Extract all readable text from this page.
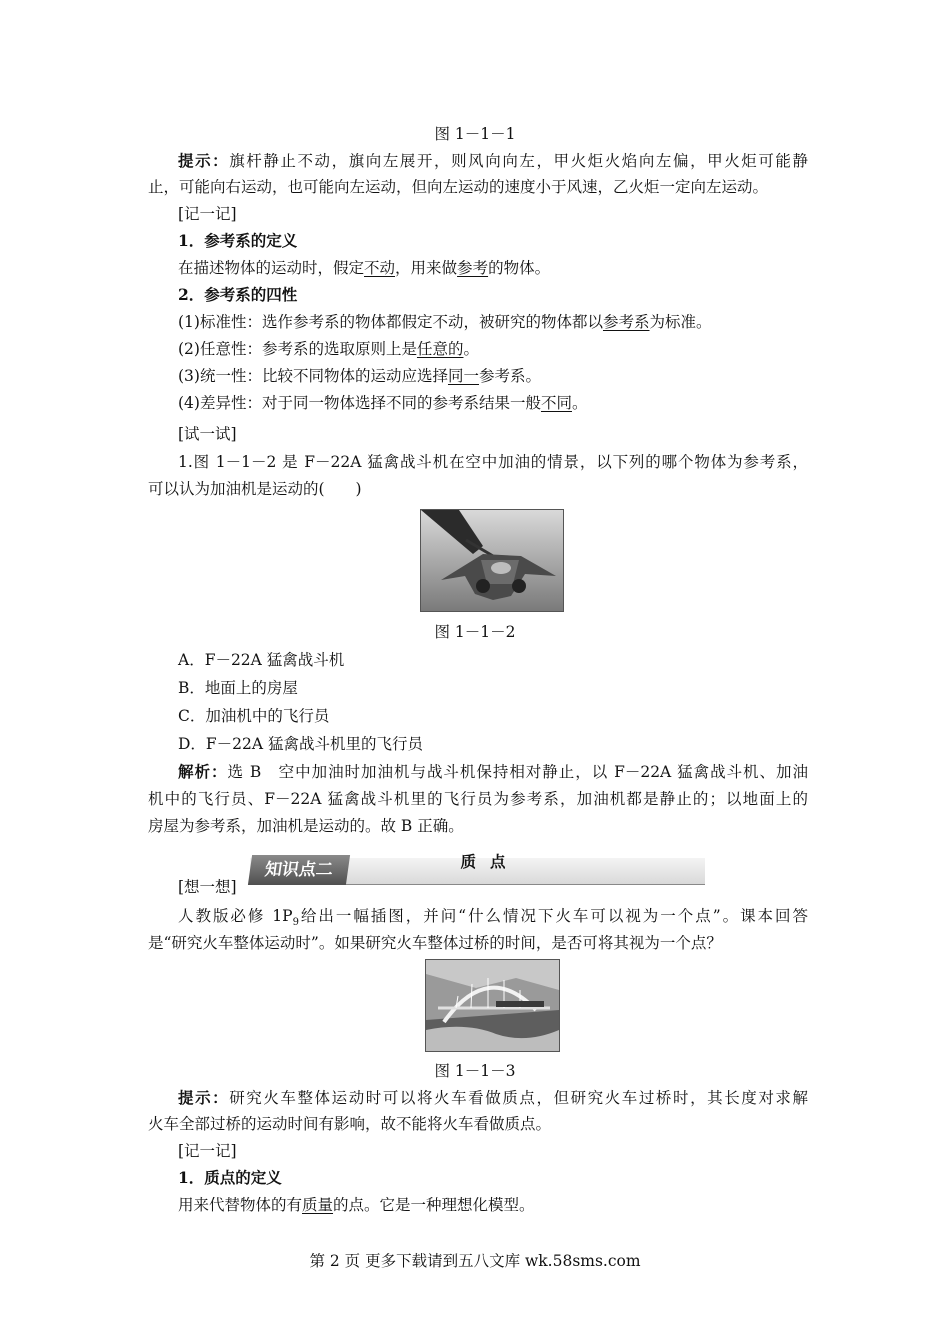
图 1－1－1
提示：旗杆静止不动，旗向左展开，则风向向左，甲火炬火焰向左偏，甲火炬可能静
止，可能向右运动，也可能向左运动，但向左运动的速度小于风速，乙火炬一定向左运动。
[记一记]
1．参考系的定义
在描述物体的运动时，假定不动，用来做参考的物体。
2．参考系的四性
(1)标准性：选作参考系的物体都假定不动，被研究的物体都以参考系为标准。
(2)任意性：参考系的选取原则上是任意的。
(3)统一性：比较不同物体的运动应选择同一参考系。
(4)差异性：对于同一物体选择不同的参考系结果一般不同。
[试一试]
1.图 1－1－2 是 F－22A 猛禽战斗机在空中加油的情景，以下列的哪个物体为参考系，
可以认为加油机是运动的(　　)
图 1－1－2
A．F－22A 猛禽战斗机
B．地面上的房屋
C．加油机中的飞行员
D．F－22A 猛禽战斗机里的飞行员
解析：选 B　空中加油时加油机与战斗机保持相对静止，以 F－22A 猛禽战斗机、加油
机中的飞行员、F－22A 猛禽战斗机里的飞行员为参考系，加油机都是静止的；以地面上的
房屋为参考系，加油机是运动的。故 B 正确。
知识点二	质点
[想一想]
人教版必修 $1P_9$给出一幅插图，并问“什么情况下火车可以视为一个点”。课本回答
是“研究火车整体运动时”。如果研究火车整体过桥的时间，是否可将其视为一个点？
图 1－1－3
提示：研究火车整体运动时可以将火车看做质点，但研究火车过桥时，其长度对求解
火车全部过桥的运动时间有影响，故不能将火车看做质点。
[记一记]
1．质点的定义
用来代替物体的有质量的点。它是一种理想化模型。
第 2 页 更多下载请到五八文库 wk.58sms.com
